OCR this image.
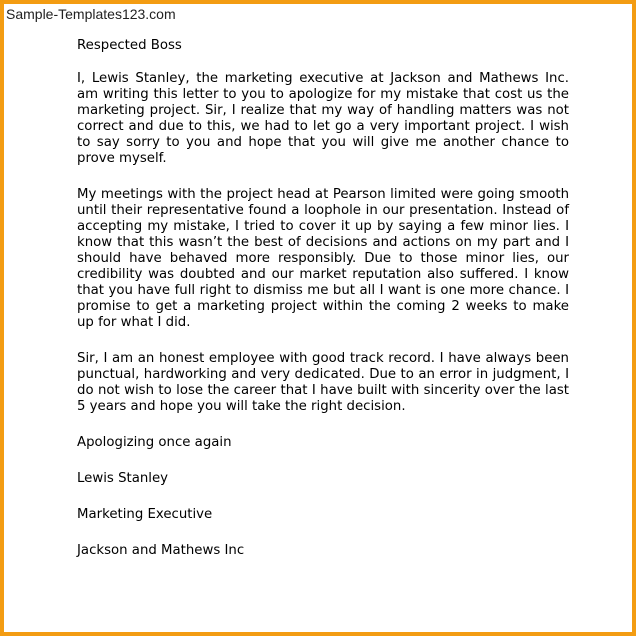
Sample-Templates123.com

Respected Boss

I, Lewis Stanley, the marketing executive at Jackson and Mathews Inc. am writing this letter to you to apologize for my mistake that cost us the marketing project. Sir, I realize that my way of handling matters was not correct and due to this, we had to let go a very important project. I wish to say sorry to you and hope that you will give me another chance to prove myself.

My meetings with the project head at Pearson limited were going smooth until their representative found a loophole in our presentation. Instead of accepting my mistake, I tried to cover it up by saying a few minor lies. I know that this wasn’t the best of decisions and actions on my part and I should have behaved more responsibly. Due to those minor lies, our credibility was doubted and our market reputation also suffered. I know that you have full right to dismiss me but all I want is one more chance. I promise to get a marketing project within the coming 2 weeks to make up for what I did.

Sir, I am an honest employee with good track record. I have always been punctual, hardworking and very dedicated. Due to an error in judgment, I do not wish to lose the career that I have built with sincerity over the last 5 years and hope you will take the right decision.

Apologizing once again

Lewis Stanley

Marketing Executive

Jackson and Mathews Inc
